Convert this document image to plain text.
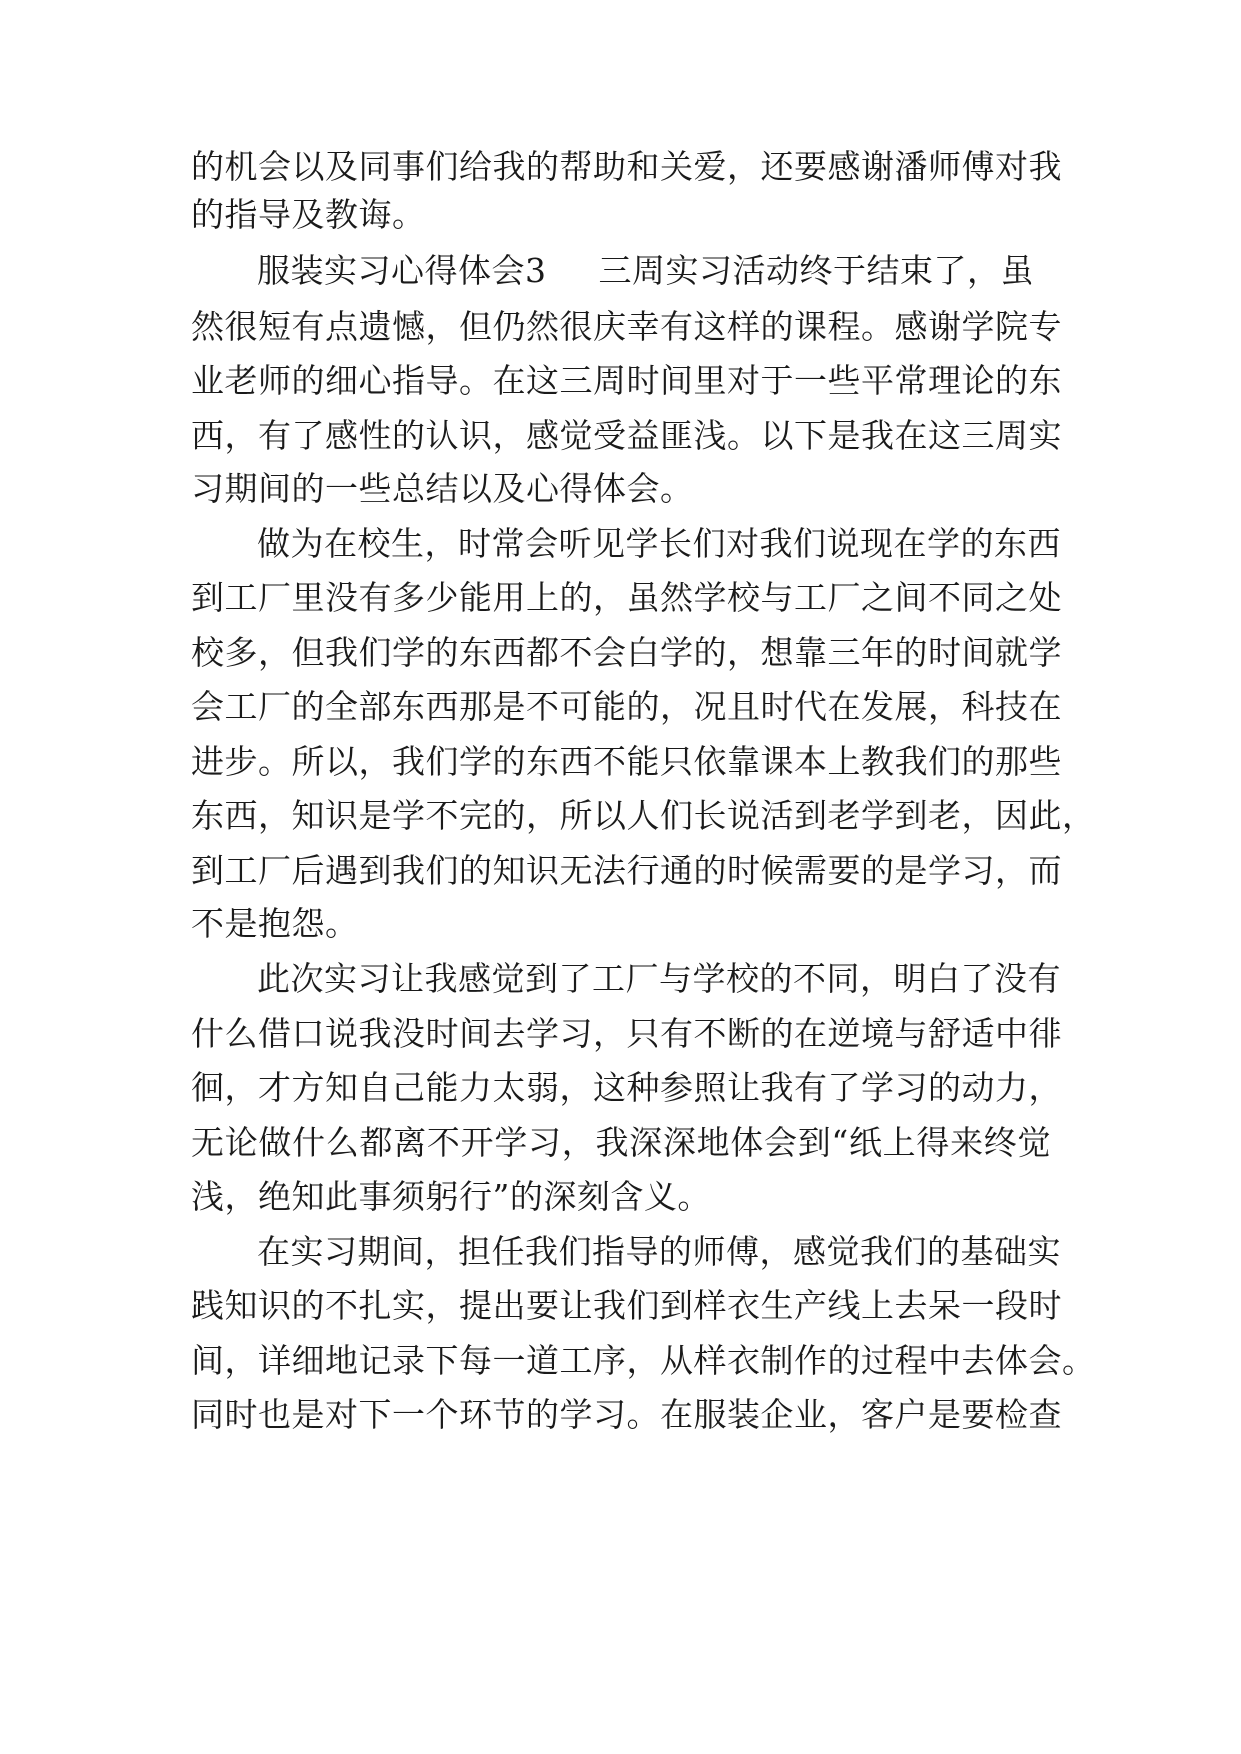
的机会以及同事们给我的帮助和关爱，还要感谢潘师傅对我
的指导及教诲。
服装实习心得体会3 三周实习活动终于结束了，虽
然很短有点遗憾，但仍然很庆幸有这样的课程。感谢学院专
业老师的细心指导。在这三周时间里对于一些平常理论的东
西，有了感性的认识，感觉受益匪浅。以下是我在这三周实
习期间的一些总结以及心得体会。
做为在校生，时常会听见学长们对我们说现在学的东西
到工厂里没有多少能用上的，虽然学校与工厂之间不同之处
校多，但我们学的东西都不会白学的，想靠三年的时间就学
会工厂的全部东西那是不可能的，况且时代在发展，科技在
进步。所以，我们学的东西不能只依靠课本上教我们的那些
东西，知识是学不完的，所以人们长说活到老学到老，因此，
到工厂后遇到我们的知识无法行通的时候需要的是学习，而
不是抱怨。
此次实习让我感觉到了工厂与学校的不同，明白了没有
什么借口说我没时间去学习，只有不断的在逆境与舒适中徘
徊，才方知自己能力太弱，这种参照让我有了学习的动力，
无论做什么都离不开学习，我深深地体会到“纸上得来终觉
浅，绝知此事须躬行”的深刻含义。
在实习期间，担任我们指导的师傅，感觉我们的基础实
践知识的不扎实，提出要让我们到样衣生产线上去呆一段时
间，详细地记录下每一道工序，从样衣制作的过程中去体会。
同时也是对下一个环节的学习。在服装企业，客户是要检查
